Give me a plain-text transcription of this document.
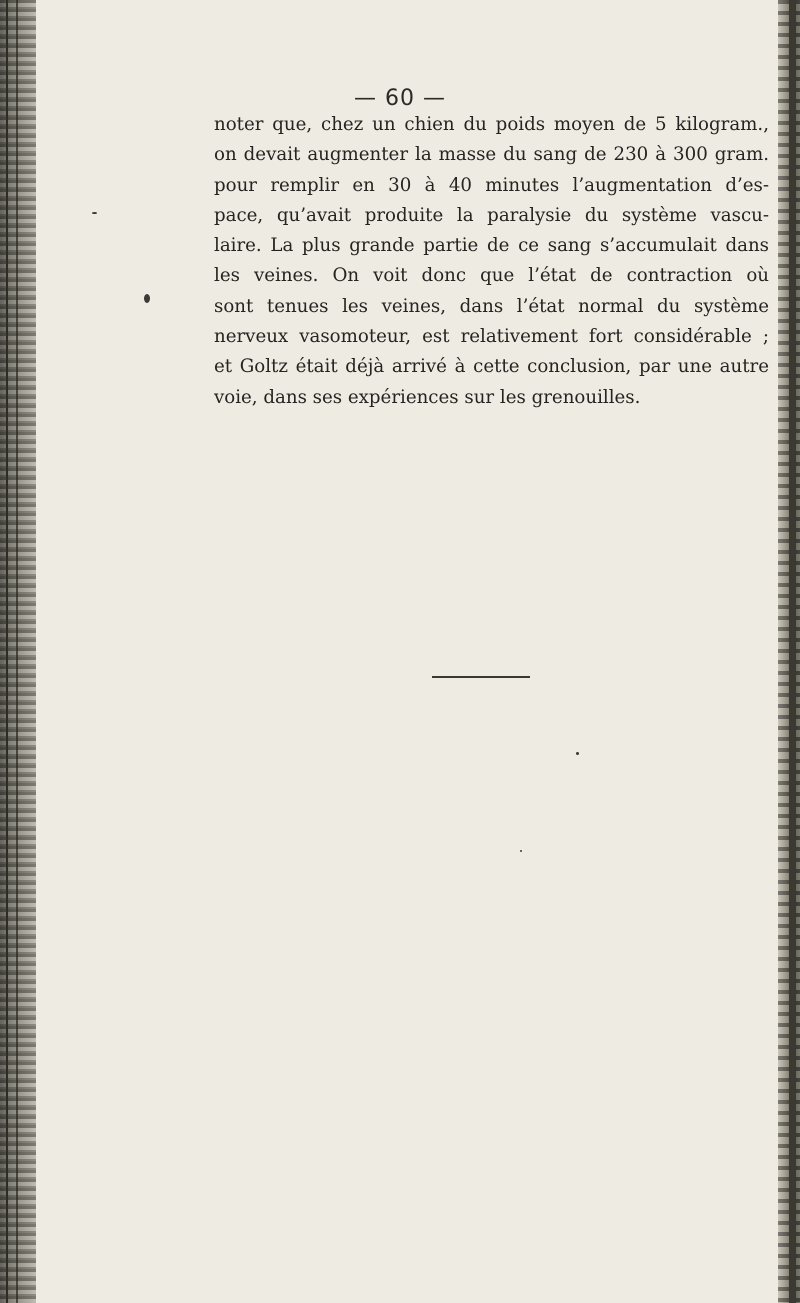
— 60 —
noter que, chez un chien du poids moyen de 5 kilogram.,
on devait augmenter la masse du sang de 230 à 300 gram.
pour remplir en 30 à 40 minutes l’augmentation d’es-
pace, qu’avait produite la paralysie du système vascu-
laire. La plus grande partie de ce sang s’accumulait dans
les veines. On voit donc que l’état de contraction où
sont tenues les veines, dans l’état normal du système
nerveux vasomoteur, est relativement fort considérable ;
et Goltz était déjà arrivé à cette conclusion, par une autre
voie, dans ses expériences sur les grenouilles.
